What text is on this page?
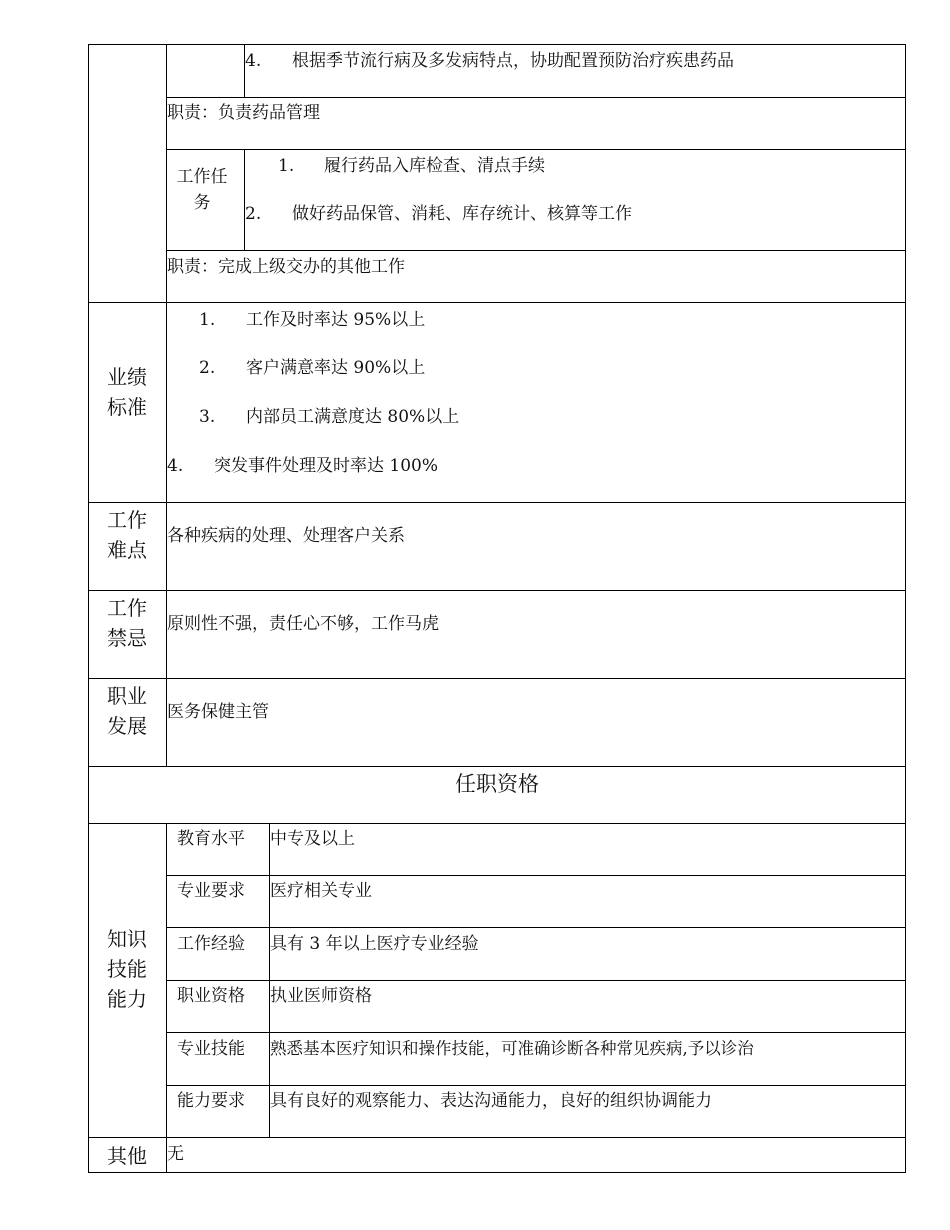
4. 根据季节流行病及多发病特点，协助配置预防治疗疾患药品
职责：负责药品管理
工作任务
1. 履行药品入库检查、清点手续
2. 做好药品保管、消耗、库存统计、核算等工作
职责：完成上级交办的其他工作
业绩标准
1. 工作及时率达 95%以上
2. 客户满意率达 90%以上
3. 内部员工满意度达 80%以上
4. 突发事件处理及时率达 100%
工作难点
各种疾病的处理、处理客户关系
工作禁忌
原则性不强，责任心不够，工作马虎
职业发展
医务保健主管
任职资格
知识技能能力
教育水平 中专及以上
专业要求 医疗相关专业
工作经验 具有 3 年以上医疗专业经验
职业资格 执业医师资格
专业技能 熟悉基本医疗知识和操作技能，可准确诊断各种常见疾病,予以诊治
能力要求 具有良好的观察能力、表达沟通能力，良好的组织协调能力
其他	无
